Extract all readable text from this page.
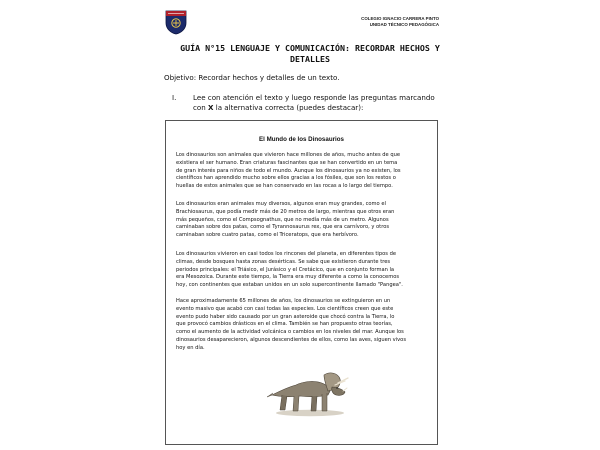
COLEGIO IGNACIO CARRERA PINTO
UNIDAD TÉCNICO PEDAGÓGICA
GUÍA N°15 LENGUAJE Y COMUNICACIÓN: RECORDAR HECHOS Y
DETALLES
Objetivo: Recordar hechos y detalles de un texto.
I. Lee con atención el texto y luego responde las preguntas marcando
con X la alternativa correcta (puedes destacar):
El Mundo de los Dinosaurios
Los dinosaurios son animales que vivieron hace millones de años, mucho antes de que
existiera el ser humano. Eran criaturas fascinantes que se han convertido en un tema
de gran interés para niños de todo el mundo. Aunque los dinosaurios ya no existen, los
científicos han aprendido mucho sobre ellos gracias a los fósiles, que son los restos o
huellas de estos animales que se han conservado en las rocas a lo largo del tiempo.
Los dinosaurios eran animales muy diversos, algunos eran muy grandes, como el
Brachiosaurus, que podía medir más de 20 metros de largo, mientras que otros eran
más pequeños, como el Compsognathus, que no medía más de un metro. Algunos
caminaban sobre dos patas, como el Tyrannosaurus rex, que era carnívoro, y otros
caminaban sobre cuatro patas, como el Triceratops, que era herbívoro.
Los dinosaurios vivieron en casi todos los rincones del planeta, en diferentes tipos de
climas, desde bosques hasta zonas desérticas. Se sabe que existieron durante tres
periodos principales: el Triásico, el Jurásico y el Cretácico, que en conjunto forman la
era Mesozoica. Durante este tiempo, la Tierra era muy diferente a como la conocemos
hoy, con continentes que estaban unidos en un solo supercontinente llamado "Pangea".
Hace aproximadamente 65 millones de años, los dinosaurios se extinguieron en un
evento masivo que acabó con casi todas las especies. Los científicos creen que este
evento pudo haber sido causado por un gran asteroide que chocó contra la Tierra, lo
que provocó cambios drásticos en el clima. También se han propuesto otras teorías,
como el aumento de la actividad volcánica o cambios en los niveles del mar. Aunque los
dinosaurios desaparecieron, algunos descendientes de ellos, como las aves, siguen vivos
hoy en día.
